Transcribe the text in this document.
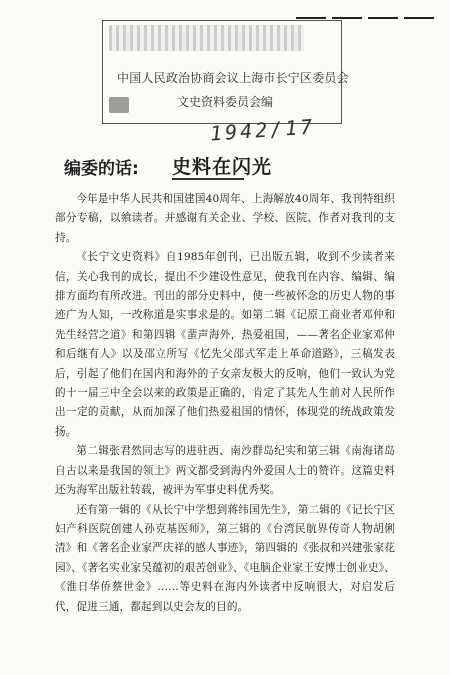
中国人民政治协商会议上海市长宁区委员会
文史资料委员会编
1942/17
编委的话: 史料在闪光

今年是中华人民共和国建国40周年、上海解放40周年、我刊特组织部分专稿，以飨读者。并感谢有关企业、学校、医院、作者对我刊的支持。

《长宁文史资料》自1985年创刊，已出版五辑，收到不少读者来信，关心我刊的成长，提出不少建设性意见，使我刊在内容、编辑、编排方面均有所改进。刊出的部分史料中，使一些被怀念的历史人物的事迹广为人知，一改称道是实事求是的。如第二辑《记原工商业者邓仲和先生经营之道》和第四辑《蜚声海外，热爱祖国，——著名企业家邓仲和后继有人》以及邵立所写《忆先父邵式军走上革命道路》，三稿发表后，引起了他们在国内和海外的子女亲友极大的反响，他们一致认为党的十一届三中全会以来的政策是正确的，肯定了其先人生前对人民所作出一定的贡献，从而加深了他们热爱祖国的情怀，体现党的统战政策发扬。

第二辑张君然同志写的进驻西、南沙群岛纪实和第三辑《南海诸岛自古以来是我国的领土》两文都受到海内外爱国人士的赞许。这篇史料还为海军出版社转载，被评为军事史料优秀奖。

还有第一辑的《从长宁中学想到蒋纬国先生》，第二辑的《记长宁区妇产科医院创建人孙克基医师》，第三辑的《台湾民航界传奇人物胡俐清》和《著名企业家严庆祥的感人事迹》，第四辑的《张叔和兴建张家花园》、《著名实业家吴蕴初的艰苦创业》、《电脑企业家王安博士创业史》、《淮日华侨蔡世金》……等史料在海内外读者中反响很大，对启发后代，促进三通，都起到以史会友的目的。
